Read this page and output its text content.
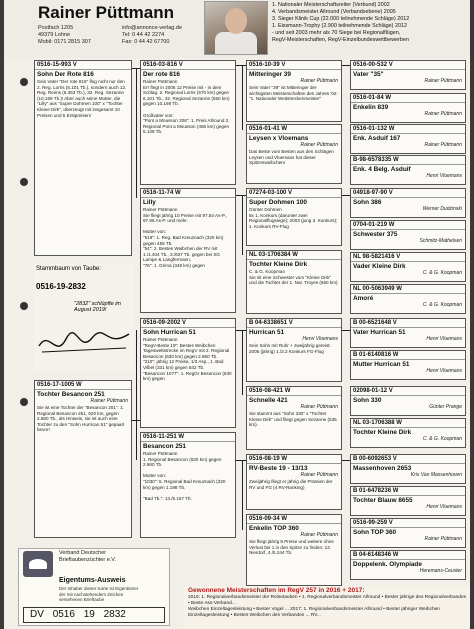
Rainer Püttmann
Postfach 1205
49379 Lohne
Mobil: 0171 2815 307
info@annonce-verlag.de
Tel: 0 44 42 2274
Fax: 0 44 42 67700
1. Nationaler Meisterschaftsreiter (Verbund) 2002
4. Verbandsmeister Allround (Verbandsebene) 2005
3. Sieger Klinik Cup (22.000 teilnehmende Schläge) 2012
1. Eissmann-Trophy (2.900 teilnehmende Schläge) 2012
- und seit 2003 mehr als 70 Siege bei Regionalflügen,
RegV-Meisterschaften, RegV-Einzelbundeswettbewerben
0516-15-993 V
Sohn Der Rote 816
Sein Vater "Der rote 816" flog nicht nur den 2. Reg. Lorris (6.101 Tb.), sondern auch 12. Reg. Reims (6.353 Tb.), 32. Reg. Sezanne (10.169 Tb.)! Aber auch seine Mutter, die "Lilly" aus "Super Dohmen 100" x "Tochter Kleine Dirk", überzeugt mit insgesamt 10 Preisen und 5 Erstpreisen!
Stammbaum von Taube:
0516-19-2832
"2832" schlüpfte im August 2019!
0516-17-1005 W
Tochter Besancon 251
Rainer Püttmann
Sie ist eine Tochter der "Besancon 251". 1. Regional Besancon 251, 620 km, gegen 2.860 Tb., als Hinweis, sie ist auch eine Tochter zu den "Sohn Hurrican 51" gepaart bevor!
0516-03-816 V
Der rote 816
Rainer Püttmann
Err flegt in 2005 12 Preise mit - in dem Schlag. 2. Regional Lorris (670 km) gegen 6.101 Tb., 32. Regional Sezanne (550 km) gegen 10.169 Tb.

Großvater von:
"Pont a Mousson 206": 1. Preis Allround 2. Regional Pont a Mousson (456 km) gegen 5.138 Tb.
0516-11-74 W
Lilly
Rainer Püttmann
Sie fliegt jährig 10 Preise mit 97.84 As-P., 97.86 As-P. und mehr.

Mutter von:
"519": 1. Reg. Bad Kreuznach (320 km) gegen 455 Tb.
"54": 2. Bestes Weibchen der RV mit 1./1.404 Tb., 3./637 Tb. gegen bei SG Lampe & Langfermann,
"76": 1. Grima (349 km) gegen
0516-09-2002 V
Sohn Hurrican 51
Rainer Püttmann
"RegV-Beste 19": Bestes Weibchen Tageswettstrecke im RegV mit 2. Regional Besancon (630 km) gegen 2.860 Tb.
"210": jährig 12 Preise, 1/3 Asp., 1. Bad Vilbel (331 km) gegen 842 Tb.
"Besancon 1077": 1. RegGr Besancon (630 km) gegen
0516-11-251 W
Besancon 251
Rainer Püttmann
1. Regional Besancon (630 km) gegen 2.860 Tb.

Mutter von:
"1030": 5. Regional Bad Kreuznach (320 km) gegen 1.198 Tb.

"Bad Tb.": 13./5.157 Tb.
0516-10-39 V
Mitteringer 39
Rainer Püttmann
Sein Vater "39" ist Mitteringer der wichtigsten Meisterschaften des Jahres '02: "1. Nationaler Weitstreckenmeister"
0516-01-41 W
Leysen x Vloemans
Rainer Püttmann
Das Beste vom Besten aus den Schlägen Leysen und Vloemans hat dieser Spitzenweibchen!
07274-03-100 V
Super Dohmen 100
Günter Dohmen
8x 1. Konkurs (darunter zwei Regionalflugsiege); 2003 (jung 3. Konkurs); 1. Konkurs RV-Flug
NL 03-1706384 W
Tochter Kleine Dirk
C. & G. Koopman
Sie ist eine Schwester vom "Kleine Dirk" und die Tochter der 1. Nat. Troyes (650 km)
B 04-6338651 V
Hurrican 51
Henri Vloemans
Sein Sohn mit Ruhr + zweijährig gereist: 2005 (jährig) 1./3.2 Konkurs FG-Flug
0516-08-421 W
Schnelle 421
Rainer Püttmann
Sie stammt aus "Sohn 330" x "Tochter Kleine Dirk" und fliegt gegen Sezanne (535 km).
0516-08-19 W
RV-Beste 19 - 13/13
Rainer Püttmann
Zweijährig fliegt er jährig die Prämien der RV und FG (4 RV-Ranking)
0516-09-34 W
Enkelin TOP 360
Rainer Püttmann
Sie fliegt jährig 8 Preise und weitere ohne Verlust bei 1 in den Spitze zu finden: 13. Nierdorf, 4./5.244 Tb.
0516-00-532 V
Vater "35"
Rainer Püttmann
0516-01-84 W
Enkelin 839
Rainer Püttmann
0516-01-132 W
Enk. Asduif 167
Rainer Püttmann
B-98-6578335 W
Enk. 4 Belg. Asduif
Henri Vloemans
04918-97-90 V
Sohn 386
Werner Dudzinski
0704-01-219 W
Schwester 375
Schmitz-Mathelsen
NL 98-5821416 V
Vader Kleine Dirk
C. & G. Koopman
NL 00-5063949 W
Amoré
C. & G. Koopman
B 00-6521648 V
Vater Hurrican 51
Henri Vloemans
B 01-6140816 W
Mutter Hurrican 51
Henri Vloemans
02098-01-12 V
Sohn 330
Günter Prange
NL 03-1706388 W
Tochter Kleine Dirk
C. & G. Koopman
B 00-6092653 V
Massenhoven 2653
Kris Van Massenhoven
B 01-6478236 W
Tochter Blauw 8655
Henri Vloemans
0516-99-259 V
Sohn TOP 360
Rainer Püttmann
B 04-6148346 W
Doppelenk. Olympiade
Heremans-Ceuster
Verband Deutscher
Brieftaubenzüchter e.V.
Eigentums-Ausweis
Der Inhaber dieser Karte ist Eigentümer
der mit nachstehendem Zeichen
versehenen Brieftaube
DV 0516 19 2832
Gewonnene Meisterschaften im RegV 257 in 2016 + 2017:
2016: 1. Regionalverbandsmeister der Reisetauben • 1. Regionalverbandsmeister Allround • Bester jährige des Regionalverbandes • Beste Ass-Verband...
Weibchen Einzeltagesleistung • Bester Vogel ... 2017: 1. Regionalverbandsmeister Allround • Bester jähriger Weibchen Einzeltagesleistung • Bestes Weibchen des Verbandes ... RV...
